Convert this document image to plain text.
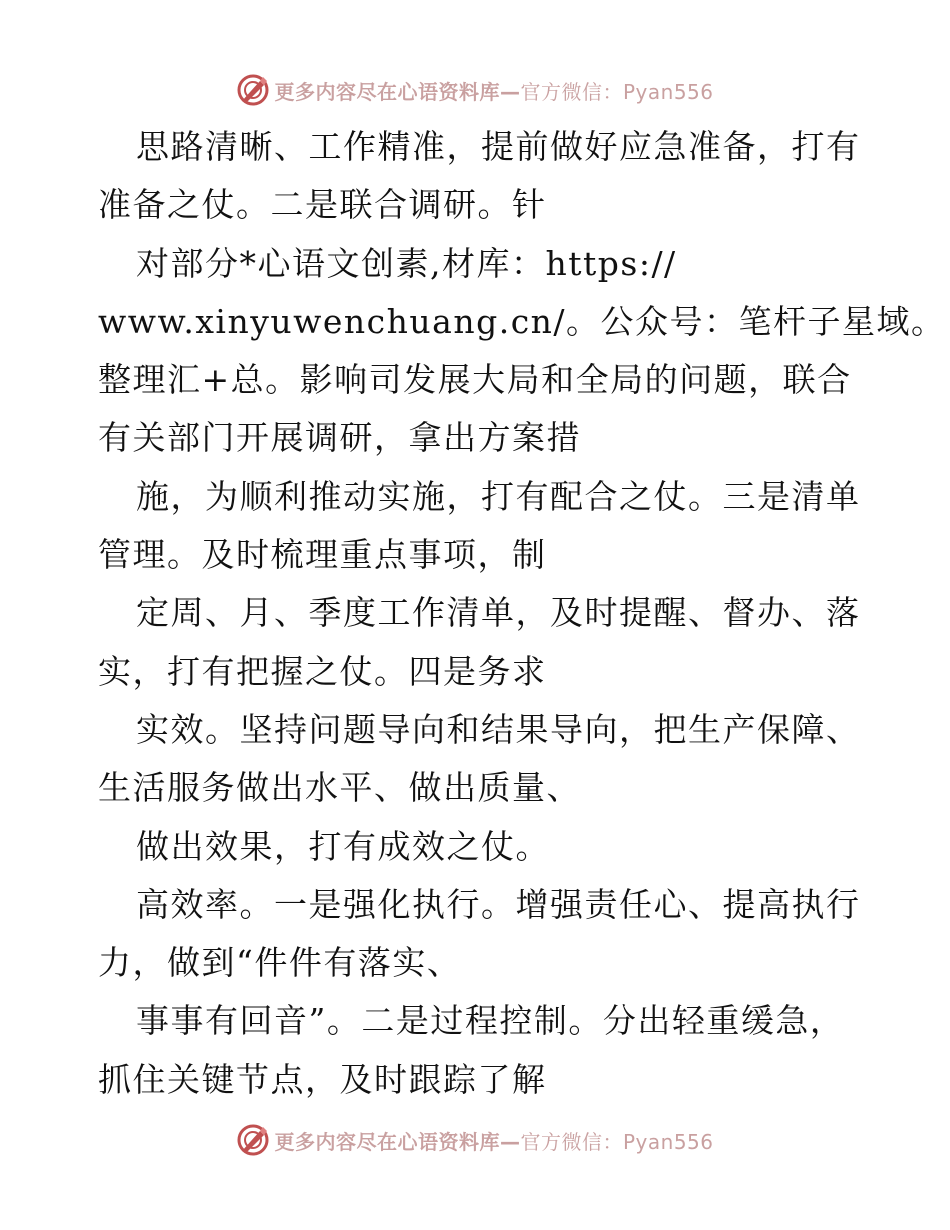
更多内容尽在心语资料库—官方微信：Pyan556
思路清晰、工作精准，提前做好应急准备，打有
准备之仗。二是联合调研。针
对部分*心语文创素,材库：https://
www.xinyuwenchuang.cn/。公众号：笔杆子星域。
整理汇+总。影响司发展大局和全局的问题，联合
有关部门开展调研，拿出方案措
施，为顺利推动实施，打有配合之仗。三是清单
管理。及时梳理重点事项，制
定周、月、季度工作清单，及时提醒、督办、落
实，打有把握之仗。四是务求
实效。坚持问题导向和结果导向，把生产保障、
生活服务做出水平、做出质量、
做出效果，打有成效之仗。
高效率。一是强化执行。增强责任心、提高执行
力，做到“件件有落实、
事事有回音”。二是过程控制。分出轻重缓急，
抓住关键节点，及时跟踪了解
更多内容尽在心语资料库—官方微信：Pyan556
